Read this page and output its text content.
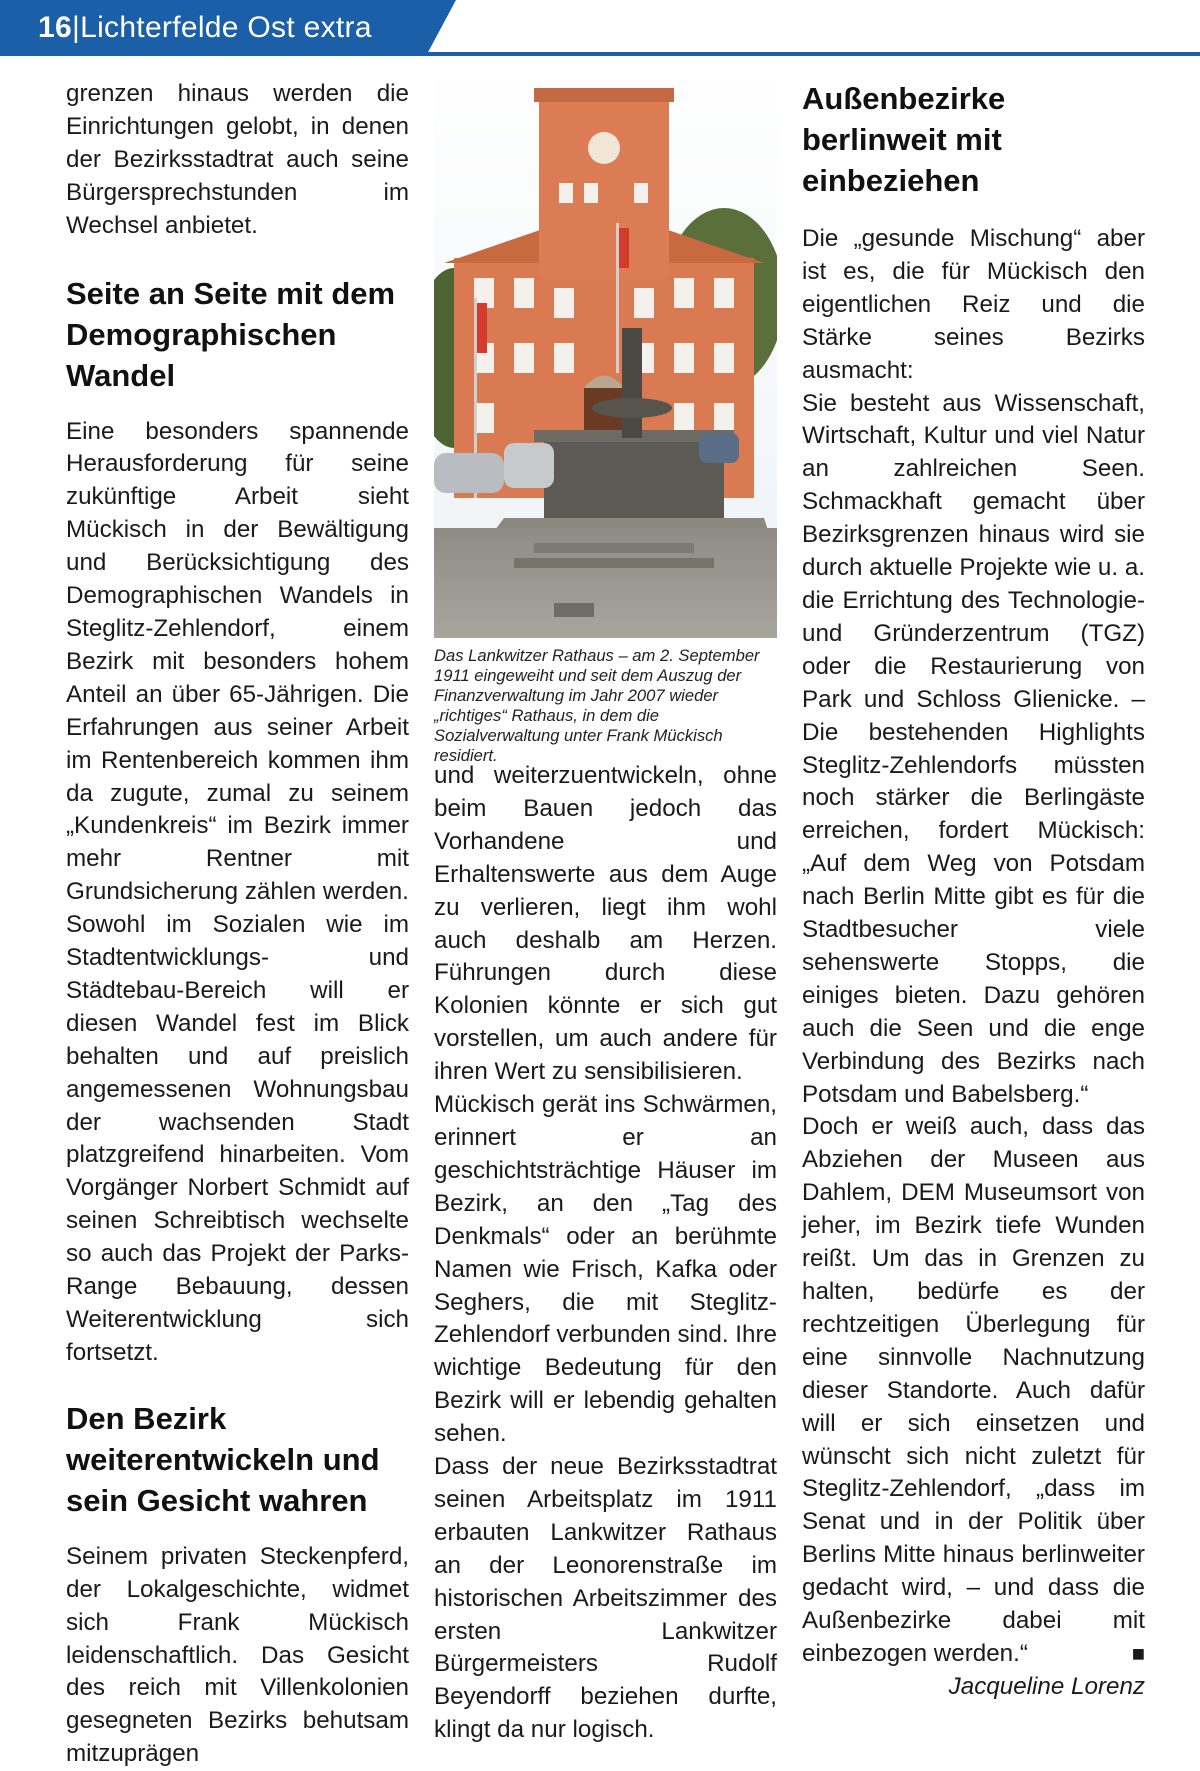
16|Lichterfelde Ost extra

grenzen hinaus werden die Einrichtungen gelobt, in denen der Bezirksstadtrat auch seine Bürgersprechstunden im Wechsel anbietet.

Seite an Seite mit dem Demographischen Wandel

Eine besonders spannende Herausforderung für seine zukünftige Arbeit sieht Mückisch in der Bewältigung und Berücksichtigung des Demographischen Wandels in Steglitz-Zehlendorf, einem Bezirk mit besonders hohem Anteil an über 65-Jährigen. Die Erfahrungen aus seiner Arbeit im Rentenbereich kommen ihm da zugute, zumal zu seinem „Kundenkreis“ im Bezirk immer mehr Rentner mit Grundsicherung zählen werden.

Sowohl im Sozialen wie im Stadtentwicklungs- und Städtebau-Bereich will er diesen Wandel fest im Blick behalten und auf preislich angemessenen Wohnungsbau der wachsenden Stadt platzgreifend hinarbeiten. Vom Vorgänger Norbert Schmidt auf seinen Schreibtisch wechselte so auch das Projekt der Parks-Range Bebauung, dessen Weiterentwicklung sich fortsetzt.

Den Bezirk weiterentwickeln und sein Gesicht wahren

Seinem privaten Steckenpferd, der Lokalgeschichte, widmet sich Frank Mückisch leidenschaftlich. Das Gesicht des reich mit Villenkolonien gesegneten Bezirks behutsam mitzuprägen

Das Lankwitzer Rathaus – am 2. September 1911 eingeweiht und seit dem Auszug der Finanzverwaltung im Jahr 2007 wieder „richtiges“ Rathaus, in dem die Sozialverwaltung unter Frank Mückisch residiert.

und weiterzuentwickeln, ohne beim Bauen jedoch das Vorhandene und Erhaltenswerte aus dem Auge zu verlieren, liegt ihm wohl auch deshalb am Herzen. Führungen durch diese Kolonien könnte er sich gut vorstellen, um auch andere für ihren Wert zu sensibilisieren.

Mückisch gerät ins Schwärmen, erinnert er an geschichtsträchtige Häuser im Bezirk, an den „Tag des Denkmals“ oder an berühmte Namen wie Frisch, Kafka oder Seghers, die mit Steglitz-Zehlendorf verbunden sind. Ihre wichtige Bedeutung für den Bezirk will er lebendig gehalten sehen.

Dass der neue Bezirksstadtrat seinen Arbeitsplatz im 1911 erbauten Lankwitzer Rathaus an der Leonorenstraße im historischen Arbeitszimmer des ersten Lankwitzer Bürgermeisters Rudolf Beyendorff beziehen durfte, klingt da nur logisch.

Außenbezirke berlinweit mit einbeziehen

Die „gesunde Mischung“ aber ist es, die für Mückisch den eigentlichen Reiz und die Stärke seines Bezirks ausmacht:

Sie besteht aus Wissenschaft, Wirtschaft, Kultur und viel Natur an zahlreichen Seen. Schmackhaft gemacht über Bezirksgrenzen hinaus wird sie durch aktuelle Projekte wie u. a. die Errichtung des Technologie- und Gründerzentrum (TGZ) oder die Restaurierung von Park und Schloss Glienicke. – Die bestehenden Highlights Steglitz-Zehlendorfs müssten noch stärker die Berlingäste erreichen, fordert Mückisch: „Auf dem Weg von Potsdam nach Berlin Mitte gibt es für die Stadtbesucher viele sehenswerte Stopps, die einiges bieten. Dazu gehören auch die Seen und die enge Verbindung des Bezirks nach Potsdam und Babelsberg.“

Doch er weiß auch, dass das Abziehen der Museen aus Dahlem, DEM Museumsort von jeher, im Bezirk tiefe Wunden reißt. Um das in Grenzen zu halten, bedürfe es der rechtzeitigen Überlegung für eine sinnvolle Nachnutzung dieser Standorte. Auch dafür will er sich einsetzen und wünscht sich nicht zuletzt für Steglitz-Zehlendorf, „dass im Senat und in der Politik über Berlins Mitte hinaus berlinweiter gedacht wird, – und dass die Außenbezirke dabei mit einbezogen werden.“	■

Jacqueline Lorenz
